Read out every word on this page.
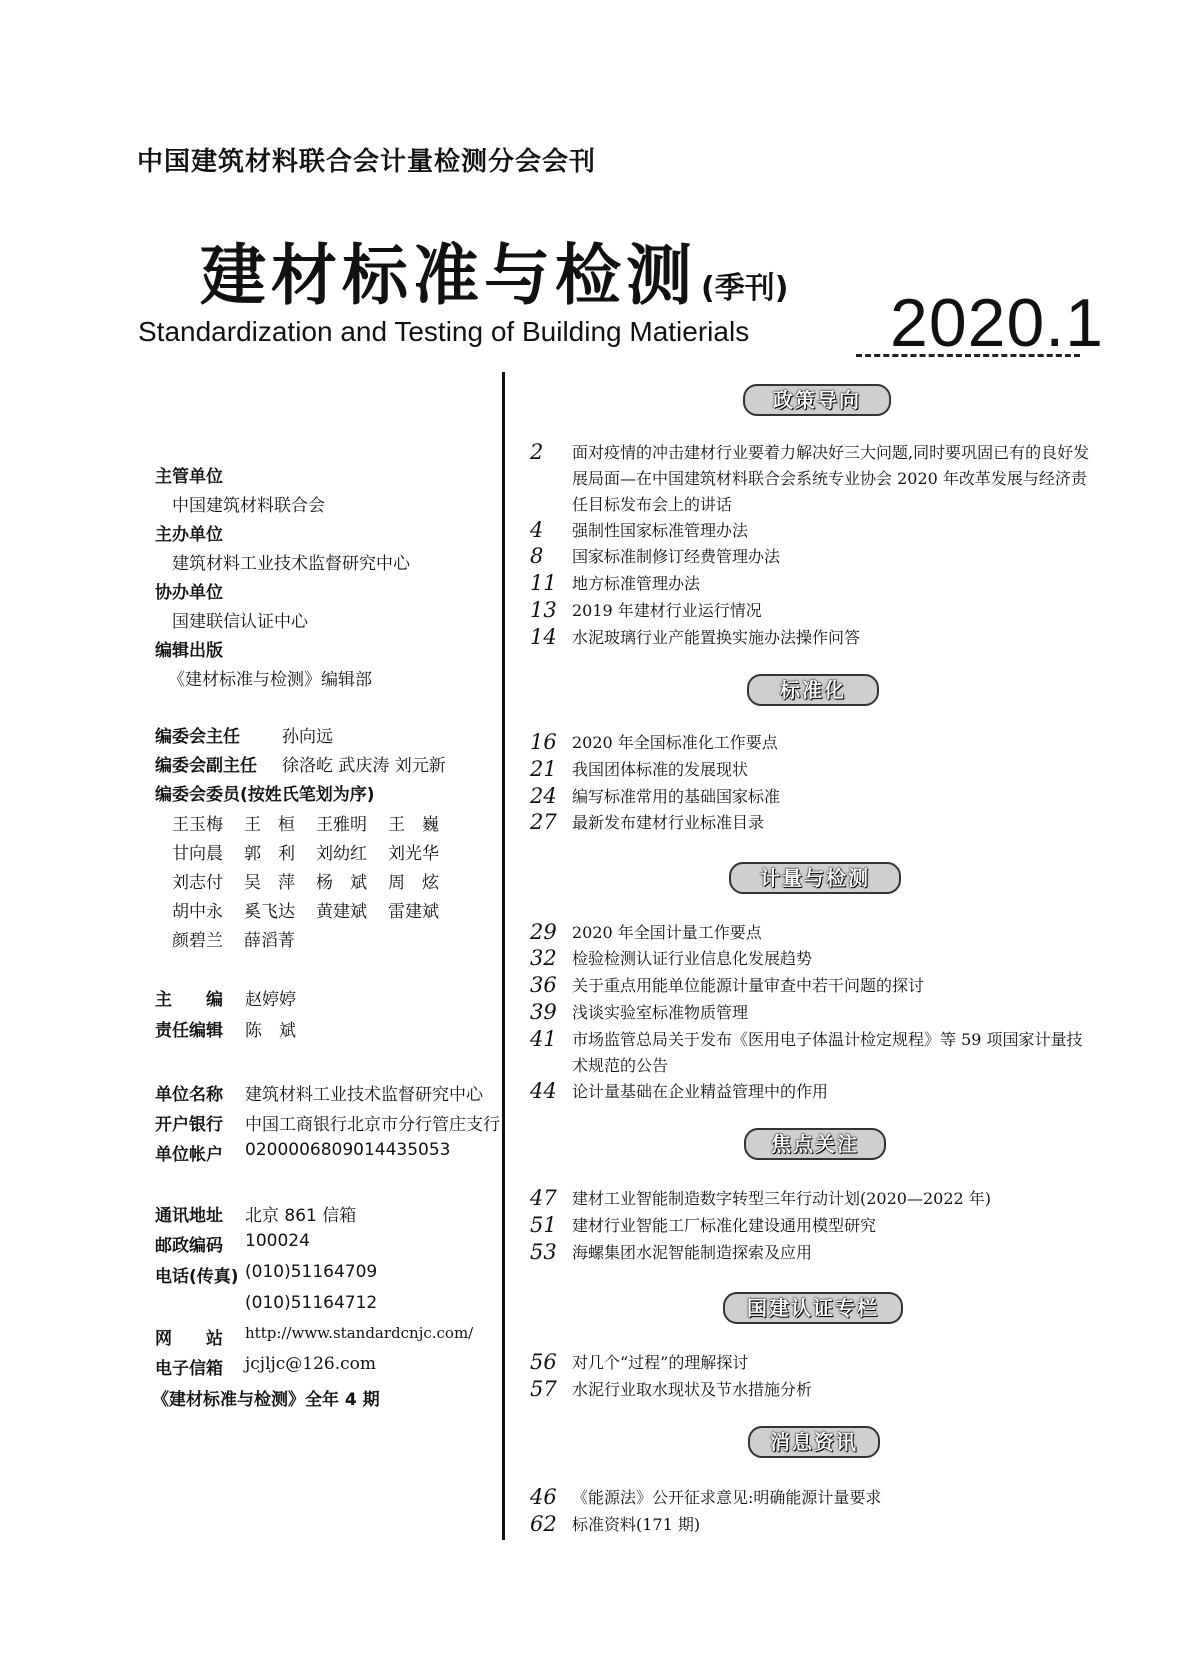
中国建筑材料联合会计量检测分会会刊
建材标准与检测 (季刊)
Standardization and Testing of Building Matierials 2020.1
主管单位
中国建筑材料联合会
主办单位
建筑材料工业技术监督研究中心
协办单位
国建联信认证中心
编辑出版
《建材标准与检测》编辑部
编委会主任 孙向远
编委会副主任 徐洛屹 武庆涛 刘元新
编委会委员(按姓氏笔划为序)
王玉梅 王　桓 王雅明 王　巍
甘向晨 郭　利 刘幼红 刘光华
刘志付 吴　萍 杨　斌 周　炫
胡中永 奚飞达 黄建斌 雷建斌
颜碧兰 薛滔菁
主　　编 赵婷婷
责任编辑 陈　斌
单位名称 建筑材料工业技术监督研究中心
开户银行 中国工商银行北京市分行管庄支行
单位帐户 0200006809014435053
通讯地址 北京 861 信箱
邮政编码 100024
电话(传真) (010)51164709
(010)51164712
网　　站 http://www.standardcnjc.com/
电子信箱 jcjljc@126.com
《建材标准与检测》全年 4 期
政策导向
2	面对疫情的冲击建材行业要着力解决好三大问题,同时要巩固已有的良好发展局面—在中国建筑材料联合会系统专业协会 2020 年改革发展与经济责任目标发布会上的讲话
4	强制性国家标准管理办法
8	国家标准制修订经费管理办法
11 地方标准管理办法
13 2019 年建材行业运行情况
14 水泥玻璃行业产能置换实施办法操作问答
标准化
16 2020 年全国标准化工作要点
21 我国团体标准的发展现状
24 编写标准常用的基础国家标准
27 最新发布建材行业标准目录
计量与检测
29 2020 年全国计量工作要点
32 检验检测认证行业信息化发展趋势
36 关于重点用能单位能源计量审查中若干问题的探讨
39 浅谈实验室标准物质管理
41 市场监管总局关于发布《医用电子体温计检定规程》等 59 项国家计量技术规范的公告
44 论计量基础在企业精益管理中的作用
焦点关注
47 建材工业智能制造数字转型三年行动计划(2020—2022 年)
51 建材行业智能工厂标准化建设通用模型研究
53 海螺集团水泥智能制造探索及应用
国建认证专栏
56 对几个“过程”的理解探讨
57 水泥行业取水现状及节水措施分析
消息资讯
46 《能源法》公开征求意见:明确能源计量要求
62 标准资料(171 期)
